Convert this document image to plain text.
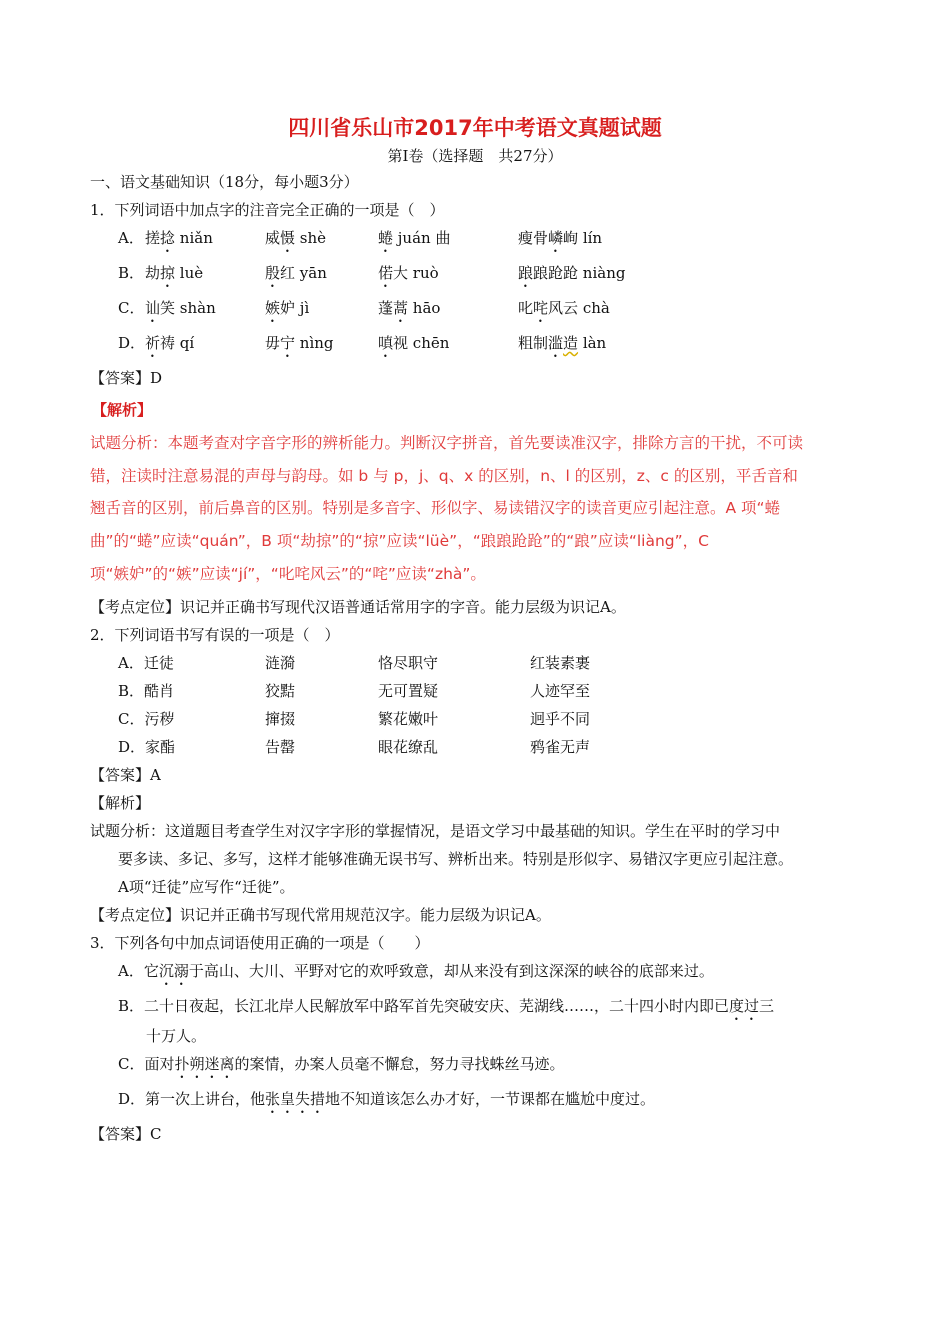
四川省乐山市2017年中考语文真题试题
第Ⅰ卷（选择题　共27分）
一、语文基础知识（18分，每小题3分）
1．下列词语中加点字的注音完全正确的一项是（　）
A． 搓捻 niǎn	威慑 shè	蜷 juán 曲	瘦骨嶙峋 lín
B． 劫掠 luè	殷红 yān	偌大 ruò	踉踉跄跄 niàng
C． 讪笑 shàn	嫉妒 jì	蓬蒿 hāo	叱咤风云 chà
D． 祈祷 qí	毋宁 nìng	嗔视 chēn	粗制滥造 làn
【答案】D
【解析】
试题分析：本题考查对字音字形的辨析能力。判断汉字拼音，首先要读准汉字，排除方言的干扰，不可读
错，注读时注意易混的声母与韵母。如 b 与 p，j、q、x 的区别，n、l 的区别，z、c 的区别，平舌音和
翘舌音的区别，前后鼻音的区别。特别是多音字、形似字、易读错汉字的读音更应引起注意。A 项“蜷
曲”的“蜷”应读“quán”，B 项“劫掠”的“掠”应读“lüè”，“踉踉跄跄”的“踉”应读“liàng”，C
项“嫉妒”的“嫉”应读“jí”，“叱咤风云”的“咤”应读“zhà”。
【考点定位】识记并正确书写现代汉语普通话常用字的字音。能力层级为识记A。
2．下列词语书写有误的一项是（　）
A．迁徒	涟漪	恪尽职守	红装素裹
B．酷肖	狡黠	无可置疑	人迹罕至
C．污秽	撺掇	繁花嫩叶	迥乎不同
D．家酯	告罄	眼花缭乱	鸦雀无声
【答案】A
【解析】
试题分析：这道题目考查学生对汉字字形的掌握情况，是语文学习中最基础的知识。学生在平时的学习中
要多读、多记、多写，这样才能够准确无误书写、辨析出来。特别是形似字、易错汉字更应引起注意。
A项“迁徒”应写作“迁徙”。
【考点定位】识记并正确书写现代常用规范汉字。能力层级为识记A。
3．下列各句中加点词语使用正确的一项是（　　）
A．它沉溺于高山、大川、平野对它的欢呼致意，却从来没有到这深深的峡谷的底部来过。
B．二十日夜起，长江北岸人民解放军中路军首先突破安庆、芜湖线……，二十四小时内即已度过三
十万人。
C．面对扑朔迷离的案情，办案人员毫不懈怠，努力寻找蛛丝马迹。
D．第一次上讲台，他张皇失措地不知道该怎么办才好，一节课都在尴尬中度过。
【答案】C
